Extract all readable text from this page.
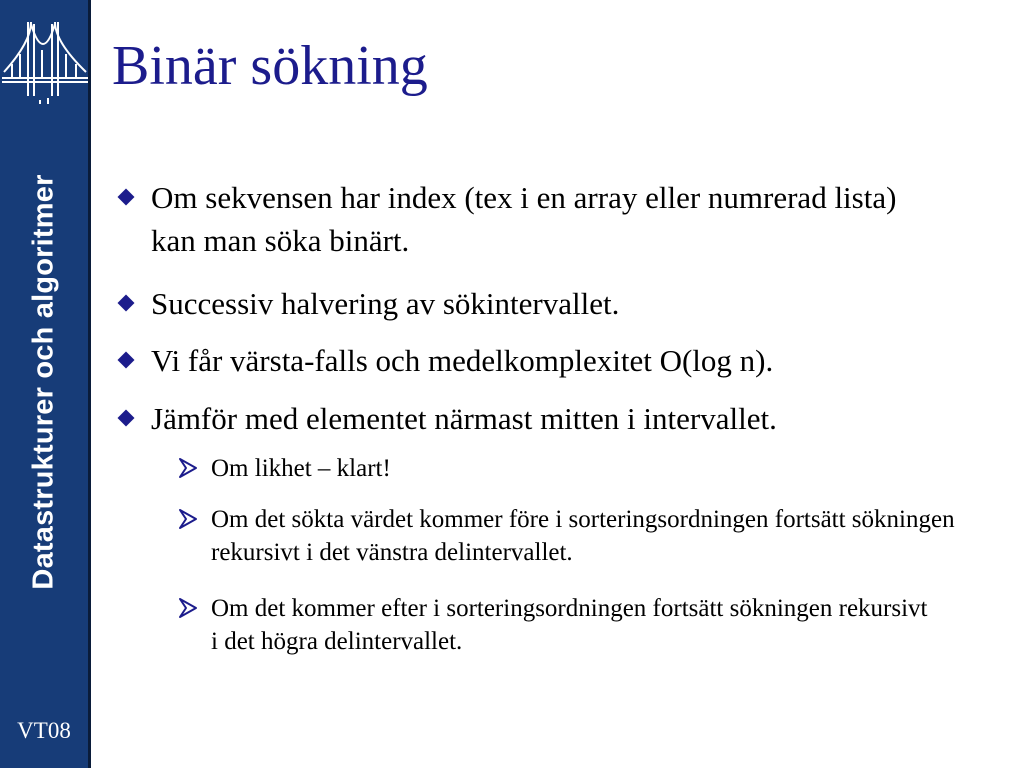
Datastrukturer och algoritmer
VT08
Binär sökning
Om sekvensen har index (tex i en array eller numrerad lista) kan man söka binärt.
Successiv halvering av sökintervallet.
Vi får värsta-falls och medelkomplexitet O(log n).
Jämför med elementet närmast mitten i intervallet.
Om likhet – klart!
Om det sökta värdet kommer före i sorteringsordningen fortsätt sökningen rekursivt i det vänstra delintervallet.
Om det kommer efter i sorteringsordningen fortsätt sökningen rekursivt i det högra delintervallet.
